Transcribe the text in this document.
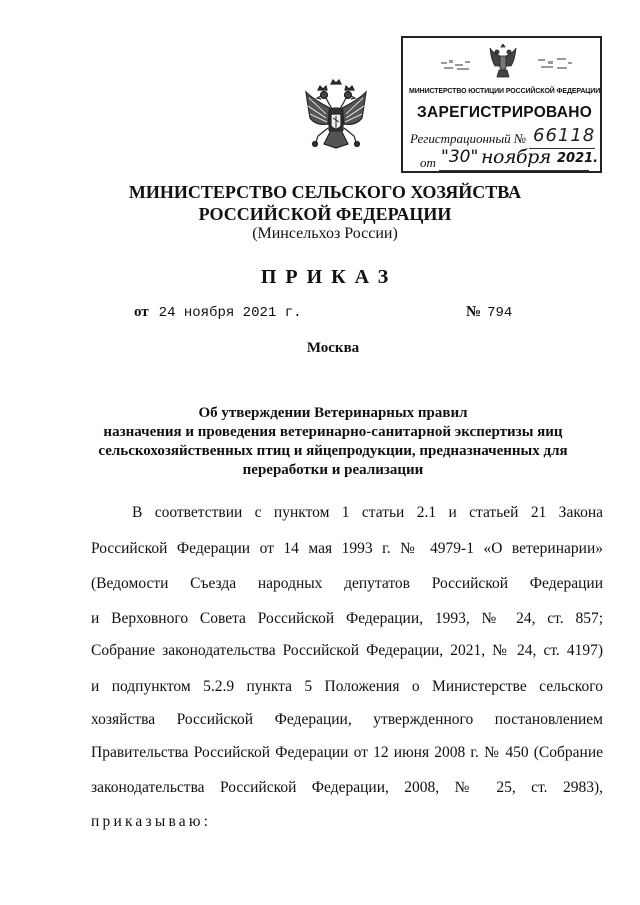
МИНИСТЕРСТВО ЮСТИЦИИ РОССИЙСКОЙ ФЕДЕРАЦИИ
ЗАРЕГИСТРИРОВАНО
Регистрационный № 66118
от "30" ноября 2021.
МИНИСТЕРСТВО СЕЛЬСКОГО ХОЗЯЙСТВА
РОССИЙСКОЙ ФЕДЕРАЦИИ
(Минсельхоз России)
ПРИКАЗ
от 24 ноября 2021 г.	№ 794
Москва
Об утверждении Ветеринарных правил
назначения и проведения ветеринарно-санитарной экспертизы яиц
сельскохозяйственных птиц и яйцепродукции, предназначенных для
переработки и реализации
В соответствии с пунктом 1 статьи 2.1 и статьей 21 Закона
Российской Федерации от 14 мая 1993 г. № 4979-1 «О ветеринарии»
(Ведомости Съезда народных депутатов Российской Федерации
и Верховного Совета Российской Федерации, 1993, № 24, ст. 857;
Собрание законодательства Российской Федерации, 2021, № 24, ст. 4197)
и подпунктом 5.2.9 пункта 5 Положения о Министерстве сельского
хозяйства Российской Федерации, утвержденного постановлением
Правительства Российской Федерации от 12 июня 2008 г. № 450 (Собрание
законодательства Российской Федерации, 2008, № 25, ст. 2983),
приказываю:
